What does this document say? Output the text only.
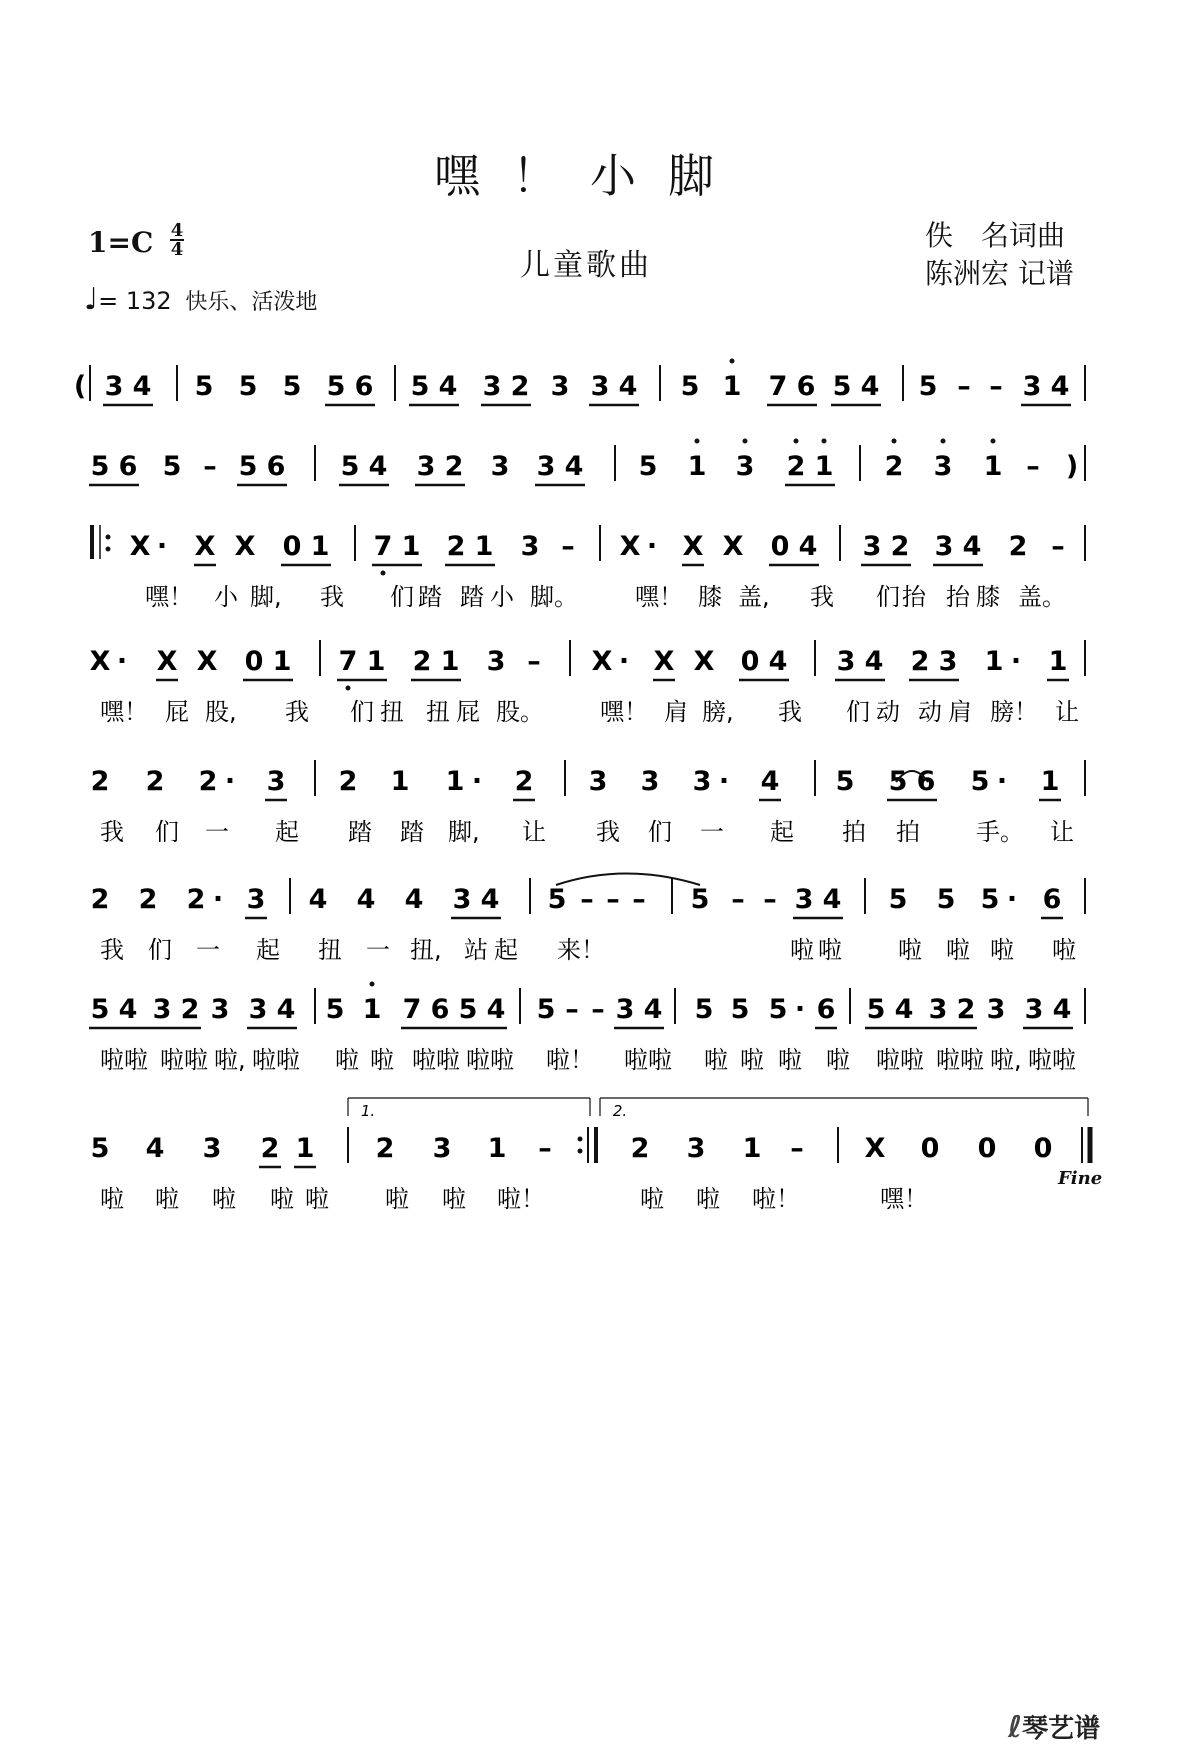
嘿！小脚
1=C 4
4
♩= 132 快乐、活泼地
儿童歌曲
佚　名词曲
陈洲宏 记谱
( 3 4 5 5 5 5 6 5 4 3 2 3 3 4 5 1 7 6 5 4 5 – – 3 4
)
5 6 5 – 5 6 5 4 3 2 3 3 4 5 1 3 2 1 2 3 1 –
X · X X 0 1 7 1 2 1 3 – X · X X 0 4 3 2 3 4 2 –
嘿！ 小 脚, 我 们 踏 踏 小 脚。 嘿！ 膝 盖, 我 们 抬 抬 膝 盖。
X · X X 0 1 7 1 2 1 3 – X · X X 0 4 3 4 2 3 1 · 1
嘿！ 屁 股, 我 们 扭 扭 屁 股。 嘿！ 肩 膀, 我 们 动 动 肩 膀！ 让
2 2 2 · 3 2 1 1 · 2 3 3 3 · 4 5 5 6 5 · 1
我 们 一 起 踏 踏 脚, 让 我 们 一 起 拍 拍 手。 让
2 2 2 · 3 4 4 4 3 4 5 – – – 5 – – 3 4 5 5 5 · 6
我 们 一 起 扭 一 扭, 站 起 来！	啦 啦 啦 啦 啦 啦
5 4 3 2 3 3 4 5 1 7 6 5 4 5 – – 3 4 5 5 5 · 6 5 4 3 2 3 3 4
啦啦 啦啦 啦, 啦啦 啦 啦 啦啦 啦啦 啦！ 啦啦 啦 啦 啦 啦 啦啦 啦啦 啦, 啦啦
5 4 3 2 1 2 3 1 –	2 3 1 – X 0 0 0
啦 啦 啦 啦 啦 啦 啦 啦！	啦 啦 啦！	嘿！
1.	2.
Fine
ℓ琴艺谱
